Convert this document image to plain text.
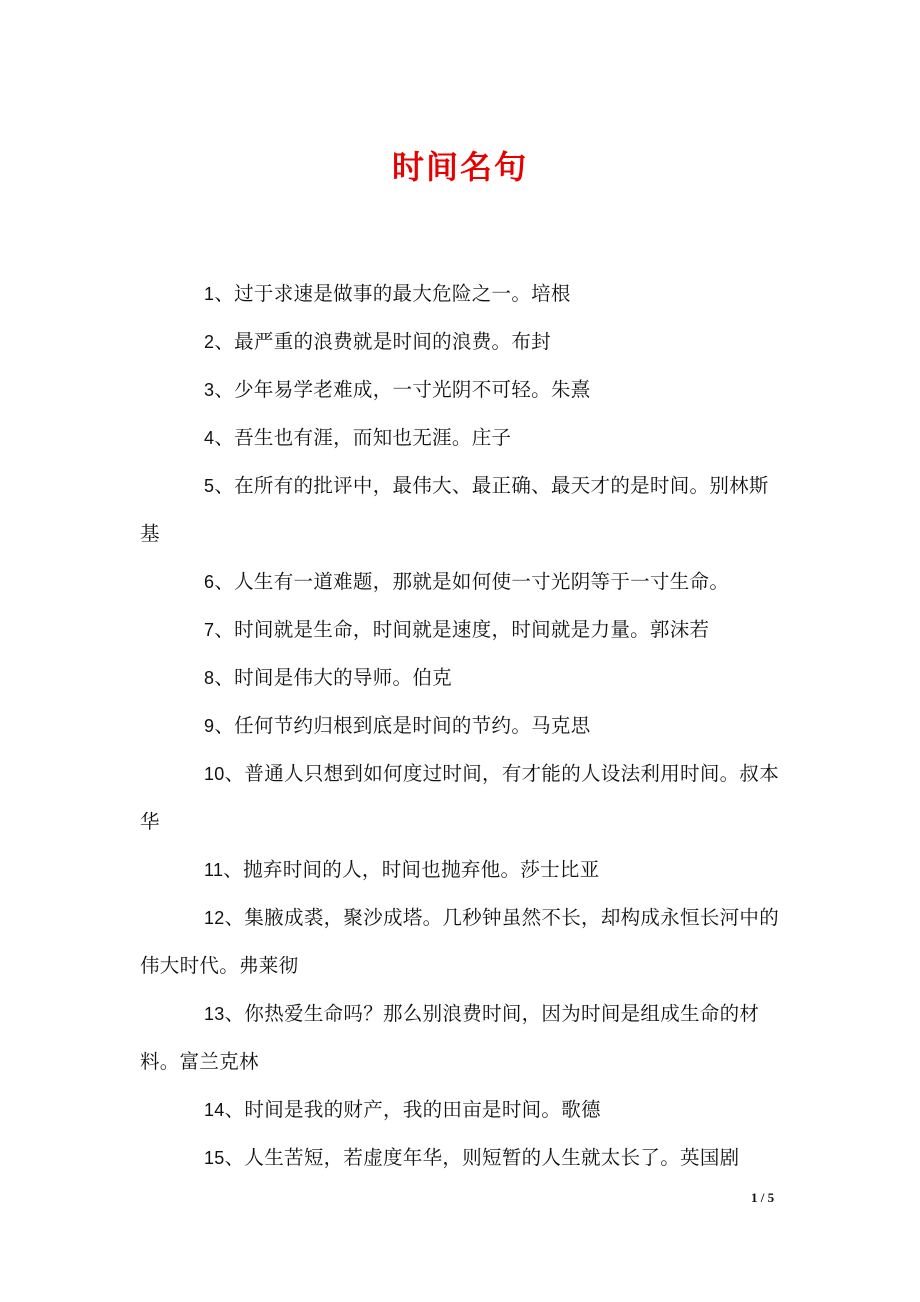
时间名句
1、过于求速是做事的最大危险之一。培根
2、最严重的浪费就是时间的浪费。布封
3、少年易学老难成，一寸光阴不可轻。朱熹
4、吾生也有涯，而知也无涯。庄子
5、在所有的批评中，最伟大、最正确、最天才的是时间。别林斯基
6、人生有一道难题，那就是如何使一寸光阴等于一寸生命。
7、时间就是生命，时间就是速度，时间就是力量。郭沫若
8、时间是伟大的导师。伯克
9、任何节约归根到底是时间的节约。马克思
10、普通人只想到如何度过时间，有才能的人设法利用时间。叔本华
11、抛弃时间的人，时间也抛弃他。莎士比亚
12、集腋成裘，聚沙成塔。几秒钟虽然不长，却构成永恒长河中的伟大时代。弗莱彻
13、你热爱生命吗？那么别浪费时间，因为时间是组成生命的材料。富兰克林
14、时间是我的财产，我的田亩是时间。歌德
15、人生苦短，若虚度年华，则短暂的人生就太长了。英国剧
1 / 5
